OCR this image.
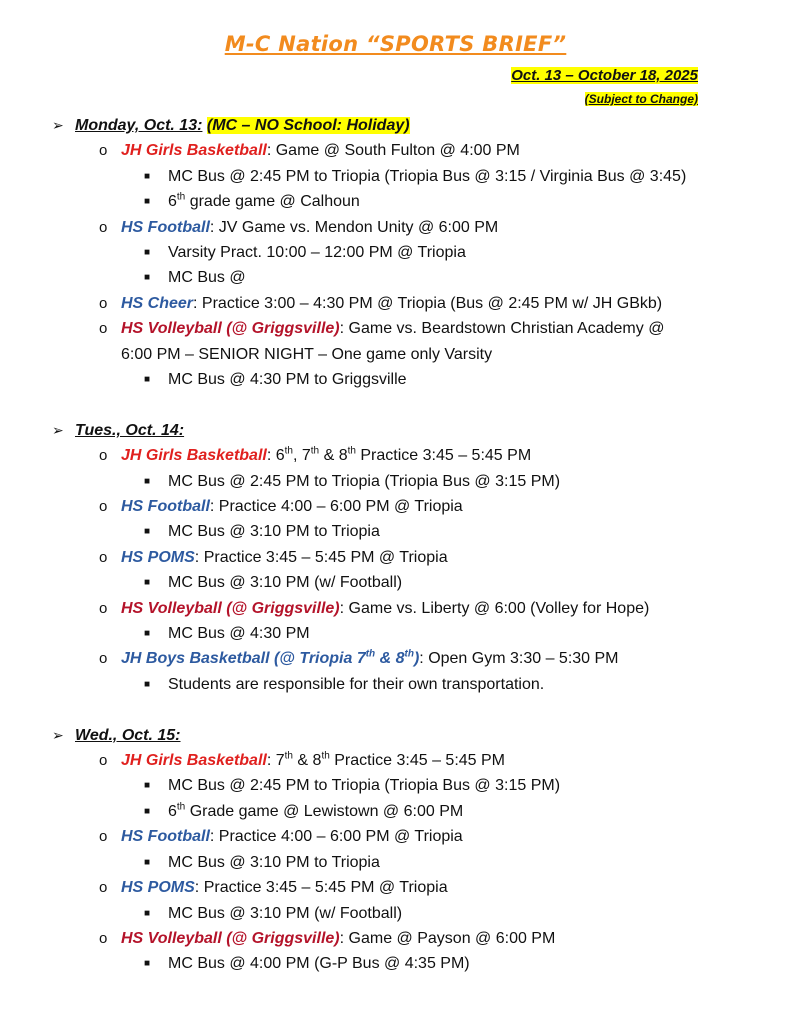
M-C Nation “SPORTS BRIEF”
Oct. 13 – October 18, 2025
(Subject to Change)
➢ Monday, Oct. 13: (MC – NO School: Holiday)
o JH Girls Basketball: Game @ South Fulton @ 4:00 PM
■ MC Bus @ 2:45 PM to Triopia (Triopia Bus @ 3:15 / Virginia Bus @ 3:45)
■ 6th grade game @ Calhoun
o HS Football: JV Game vs. Mendon Unity @ 6:00 PM
■ Varsity Pract. 10:00 – 12:00 PM @ Triopia
■ MC Bus @
o HS Cheer: Practice 3:00 – 4:30 PM @ Triopia (Bus @ 2:45 PM w/ JH GBkb)
o HS Volleyball (@ Griggsville): Game vs. Beardstown Christian Academy @ 6:00 PM – SENIOR NIGHT – One game only Varsity
■ MC Bus @ 4:30 PM to Griggsville
➢ Tues., Oct. 14:
o JH Girls Basketball: 6th, 7th & 8th Practice 3:45 – 5:45 PM
■ MC Bus @ 2:45 PM to Triopia (Triopia Bus @ 3:15 PM)
o HS Football: Practice 4:00 – 6:00 PM @ Triopia
■ MC Bus @ 3:10 PM to Triopia
o HS POMS: Practice 3:45 – 5:45 PM @ Triopia
■ MC Bus @ 3:10 PM (w/ Football)
o HS Volleyball (@ Griggsville): Game vs. Liberty @ 6:00 (Volley for Hope)
■ MC Bus @ 4:30 PM
o JH Boys Basketball (@ Triopia 7th & 8th): Open Gym 3:30 – 5:30 PM
■ Students are responsible for their own transportation.
➢ Wed., Oct. 15:
o JH Girls Basketball: 7th & 8th Practice 3:45 – 5:45 PM
■ MC Bus @ 2:45 PM to Triopia (Triopia Bus @ 3:15 PM)
■ 6th Grade game @ Lewistown @ 6:00 PM
o HS Football: Practice 4:00 – 6:00 PM @ Triopia
■ MC Bus @ 3:10 PM to Triopia
o HS POMS: Practice 3:45 – 5:45 PM @ Triopia
■ MC Bus @ 3:10 PM (w/ Football)
o HS Volleyball (@ Griggsville): Game @ Payson @ 6:00 PM
■ MC Bus @ 4:00 PM (G-P Bus @ 4:35 PM)
